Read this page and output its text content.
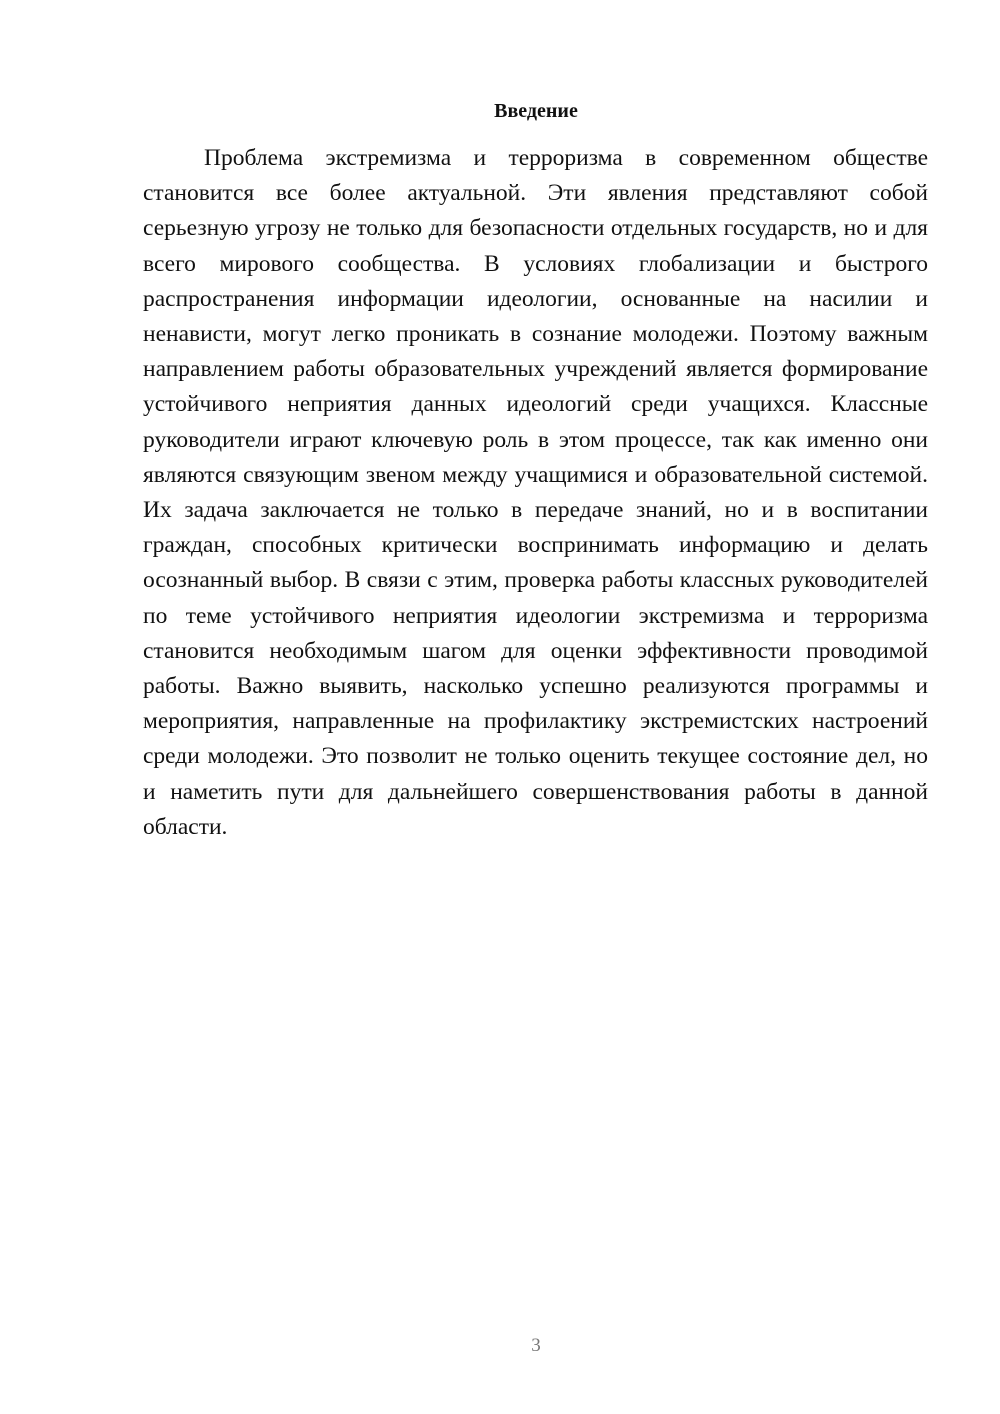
Введение

Проблема экстремизма и терроризма в современном обществе становится все более актуальной. Эти явления представляют собой серьезную угрозу не только для безопасности отдельных государств, но и для всего мирового сообщества. В условиях глобализации и быстрого распространения информации идеологии, основанные на насилии и ненависти, могут легко проникать в сознание молодежи. Поэтому важным направлением работы образовательных учреждений является формирование устойчивого неприятия данных идеологий среди учащихся. Классные руководители играют ключевую роль в этом процессе, так как именно они являются связующим звеном между учащимися и образовательной системой. Их задача заключается не только в передаче знаний, но и в воспитании граждан, способных критически воспринимать информацию и делать осознанный выбор. В связи с этим, проверка работы классных руководителей по теме устойчивого неприятия идеологии экстремизма и терроризма становится необходимым шагом для оценки эффективности проводимой работы. Важно выявить, насколько успешно реализуются программы и мероприятия, направленные на профилактику экстремистских настроений среди молодежи. Это позволит не только оценить текущее состояние дел, но и наметить пути для дальнейшего совершенствования работы в данной области.

3
